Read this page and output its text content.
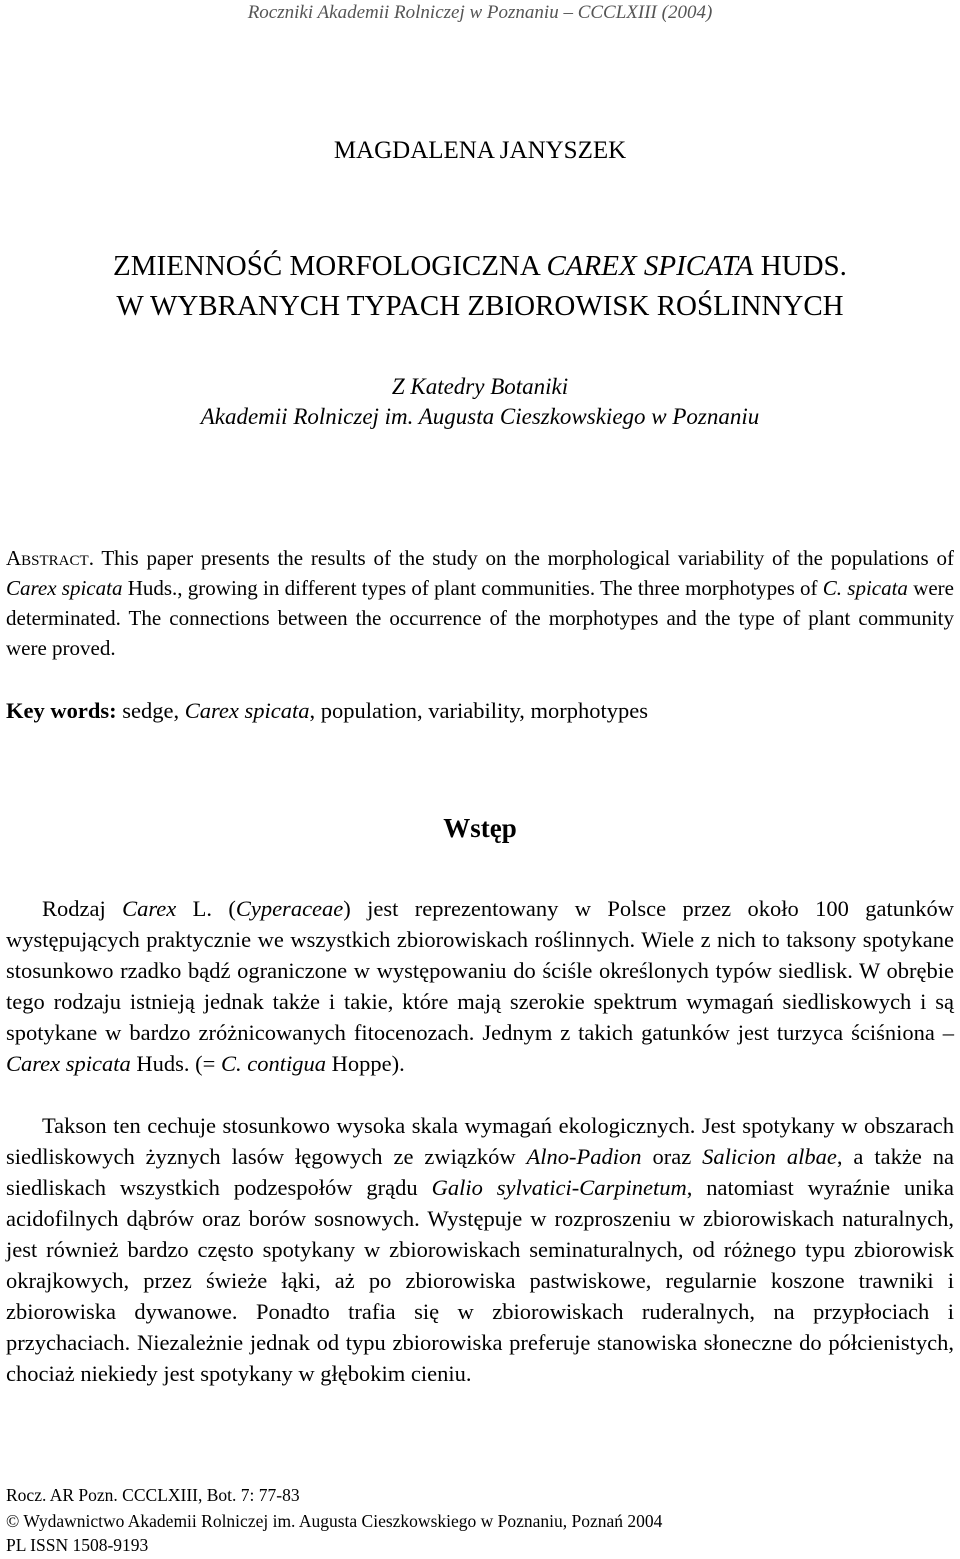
Roczniki Akademii Rolniczej w Poznaniu – CCCLXIII (2004)
MAGDALENA JANYSZEK
ZMIENNOŚĆ MORFOLOGICZNA CAREX SPICATA HUDS.
W WYBRANYCH TYPACH ZBIOROWISK ROŚLINNYCH
Z Katedry Botaniki
Akademii Rolniczej im. Augusta Cieszkowskiego w Poznaniu
Abstract. This paper presents the results of the study on the morphological variability of the populations of Carex spicata Huds., growing in different types of plant communities. The three morphotypes of C. spicata were determinated. The connections between the occurrence of the morphotypes and the type of plant community were proved.
Key words: sedge, Carex spicata, population, variability, morphotypes
Wstęp
Rodzaj Carex L. (Cyperaceae) jest reprezentowany w Polsce przez około 100 gatunków występujących praktycznie we wszystkich zbiorowiskach roślinnych. Wiele z nich to taksony spotykane stosunkowo rzadko bądź ograniczone w występowaniu do ściśle określonych typów siedlisk. W obrębie tego rodzaju istnieją jednak także i takie, które mają szerokie spektrum wymagań siedliskowych i są spotykane w bardzo zróżnicowanych fitocenozach. Jednym z takich gatunków jest turzyca ściśniona – Carex spicata Huds. (= C. contigua Hoppe).
Takson ten cechuje stosunkowo wysoka skala wymagań ekologicznych. Jest spotykany w obszarach siedliskowych żyznych lasów łęgowych ze związków Alno-Padion oraz Salicion albae, a także na siedliskach wszystkich podzespołów grądu Galio sylvatici-Carpinetum, natomiast wyraźnie unika acidofilnych dąbrów oraz borów sosnowych. Występuje w rozproszeniu w zbiorowiskach naturalnych, jest również bardzo często spotykany w zbiorowiskach seminaturalnych, od różnego typu zbiorowisk okrajkowych, przez świeże łąki, aż po zbiorowiska pastwiskowe, regularnie koszone trawniki i zbiorowiska dywanowe. Ponadto trafia się w zbiorowiskach ruderalnych, na przypłociach i przychaciach. Niezależnie jednak od typu zbiorowiska preferuje stanowiska słoneczne do półcienistych, chociaż niekiedy jest spotykany w głębokim cieniu.
Rocz. AR Pozn. CCCLXIII, Bot. 7: 77-83
© Wydawnictwo Akademii Rolniczej im. Augusta Cieszkowskiego w Poznaniu, Poznań 2004
PL ISSN 1508-9193
